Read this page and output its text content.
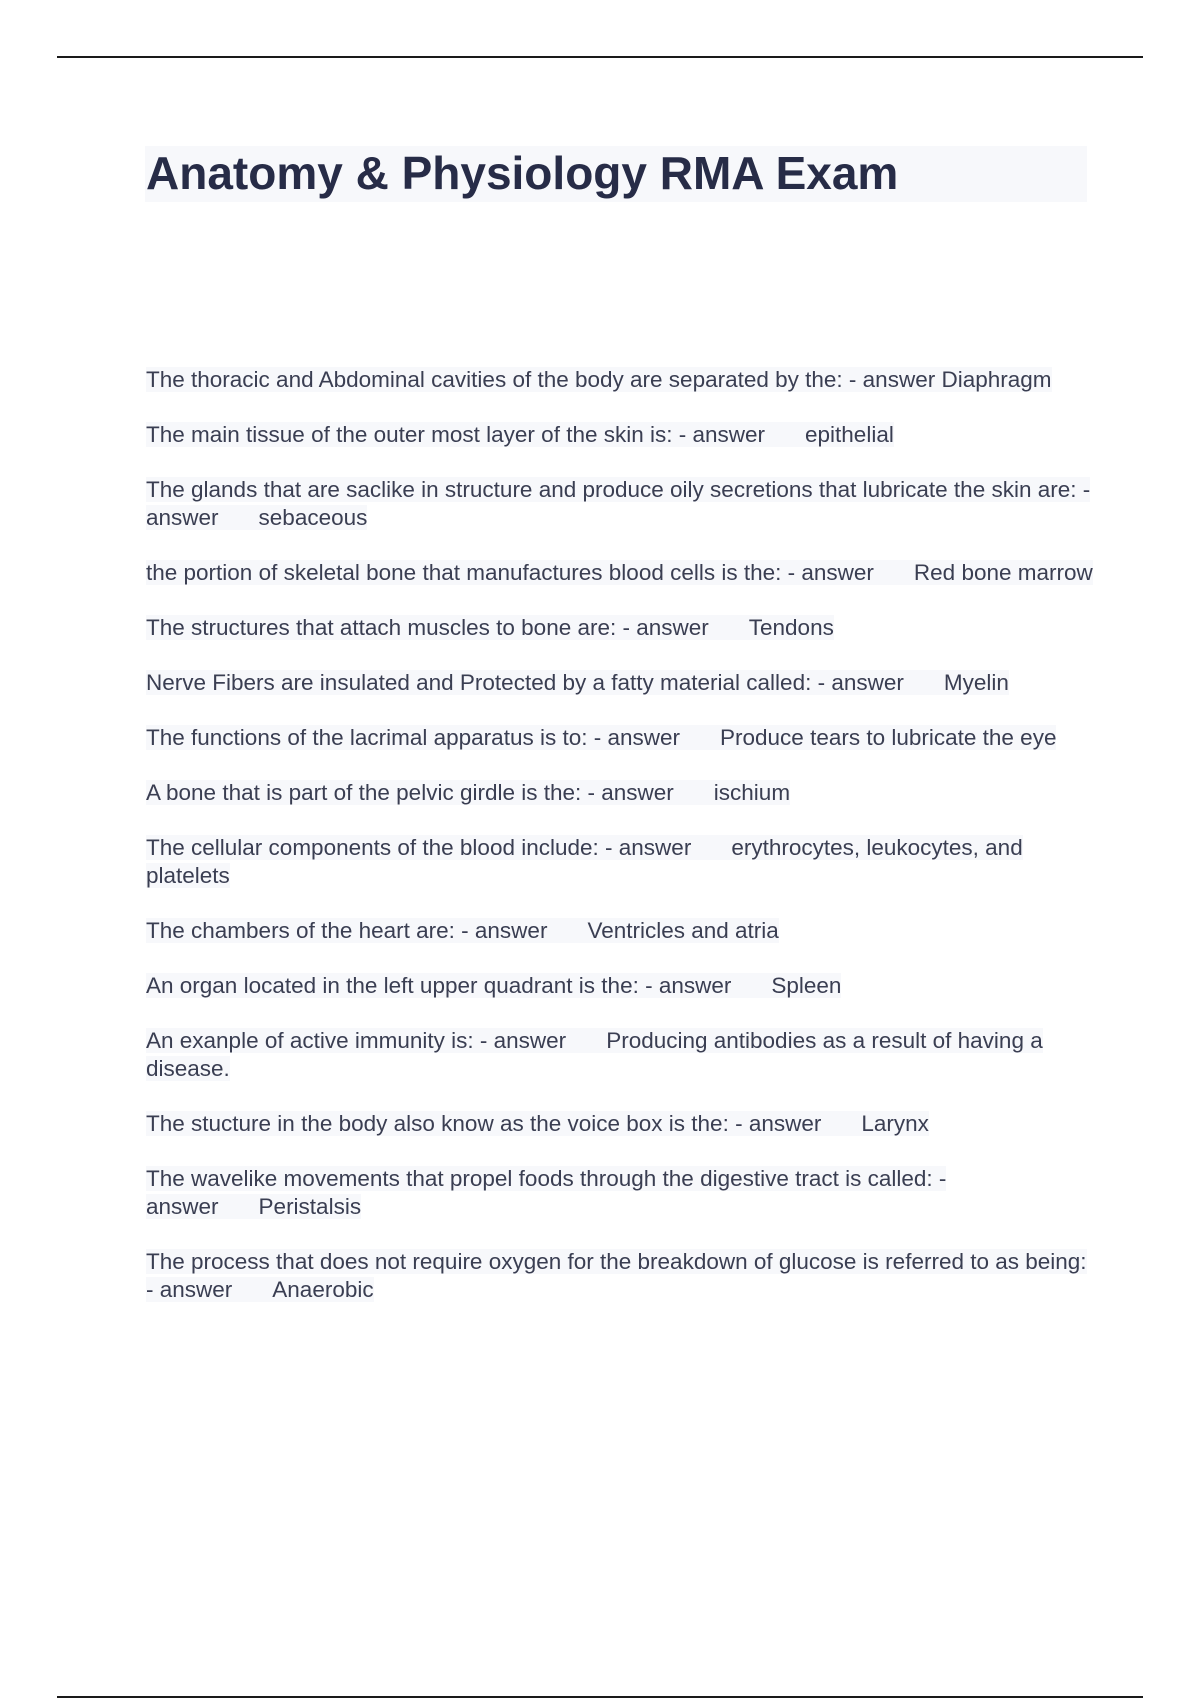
Anatomy & Physiology RMA Exam

The thoracic and Abdominal cavities of the body are separated by the: - answer Diaphragm

The main tissue of the outer most layer of the skin is: - answer epithelial

The glands that are saclike in structure and produce oily secretions that lubricate the skin are: - answer sebaceous

the portion of skeletal bone that manufactures blood cells is the: - answer Red bone marrow

The structures that attach muscles to bone are: - answer Tendons

Nerve Fibers are insulated and Protected by a fatty material called: - answer Myelin

The functions of the lacrimal apparatus is to: - answer Produce tears to lubricate the eye

A bone that is part of the pelvic girdle is the: - answer ischium

The cellular components of the blood include: - answer erythrocytes, leukocytes, and platelets

The chambers of the heart are: - answer Ventricles and atria

An organ located in the left upper quadrant is the: - answer Spleen

An exanple of active immunity is: - answer Producing antibodies as a result of having a disease.

The stucture in the body also know as the voice box is the: - answer Larynx

The wavelike movements that propel foods through the digestive tract is called: - answer Peristalsis

The process that does not require oxygen for the breakdown of glucose is referred to as being: - answer Anaerobic
